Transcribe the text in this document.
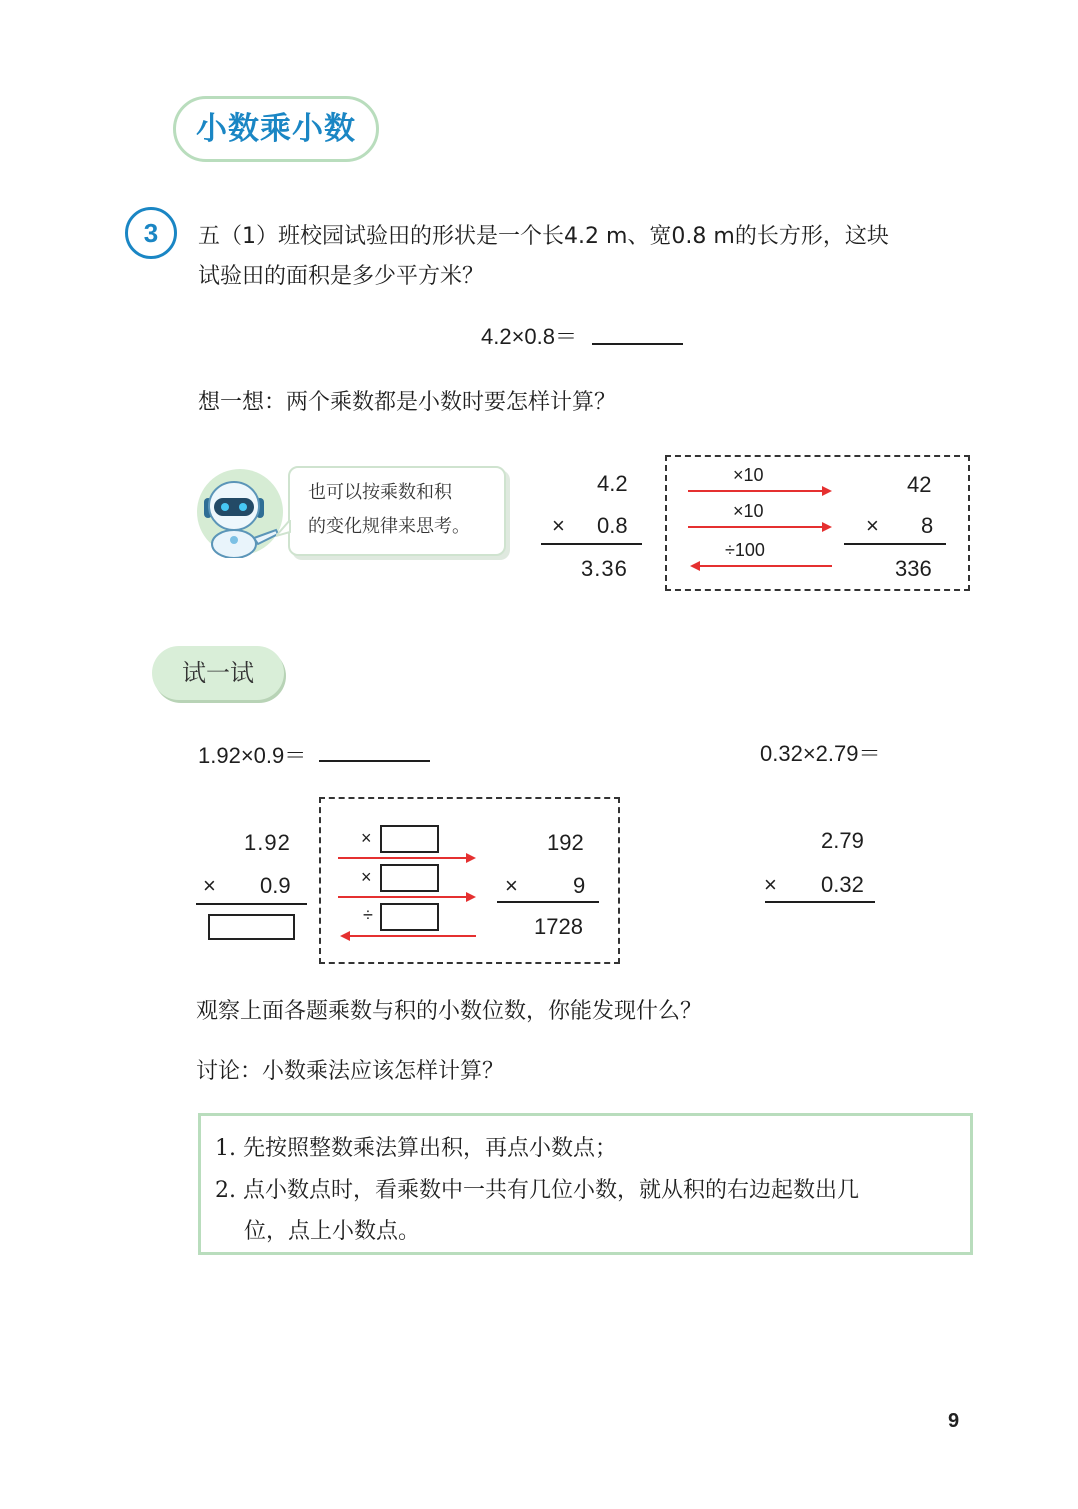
小数乘小数
3	五（1）班校园试验田的形状是一个长4.2 m、宽0.8 m的长方形，这块
试验田的面积是多少平方米？
4.2×0.8＝
想一想：两个乘数都是小数时要怎样计算？
也可以按乘数和积
的变化规律来思考。
4.2
× 0.8
3.36
×10
×10
÷100
42
× 8
336
试一试
1.92×0.9＝	0.32×2.79＝
1.92
× 0.9
×
×
÷
192
×	9
1728
2.79
× 0.32
观察上面各题乘数与积的小数位数，你能发现什么？
讨论：小数乘法应该怎样计算？
1. 先按照整数乘法算出积，再点小数点；
2. 点小数点时，看乘数中一共有几位小数，就从积的右边起数出几
位，点上小数点。
9
